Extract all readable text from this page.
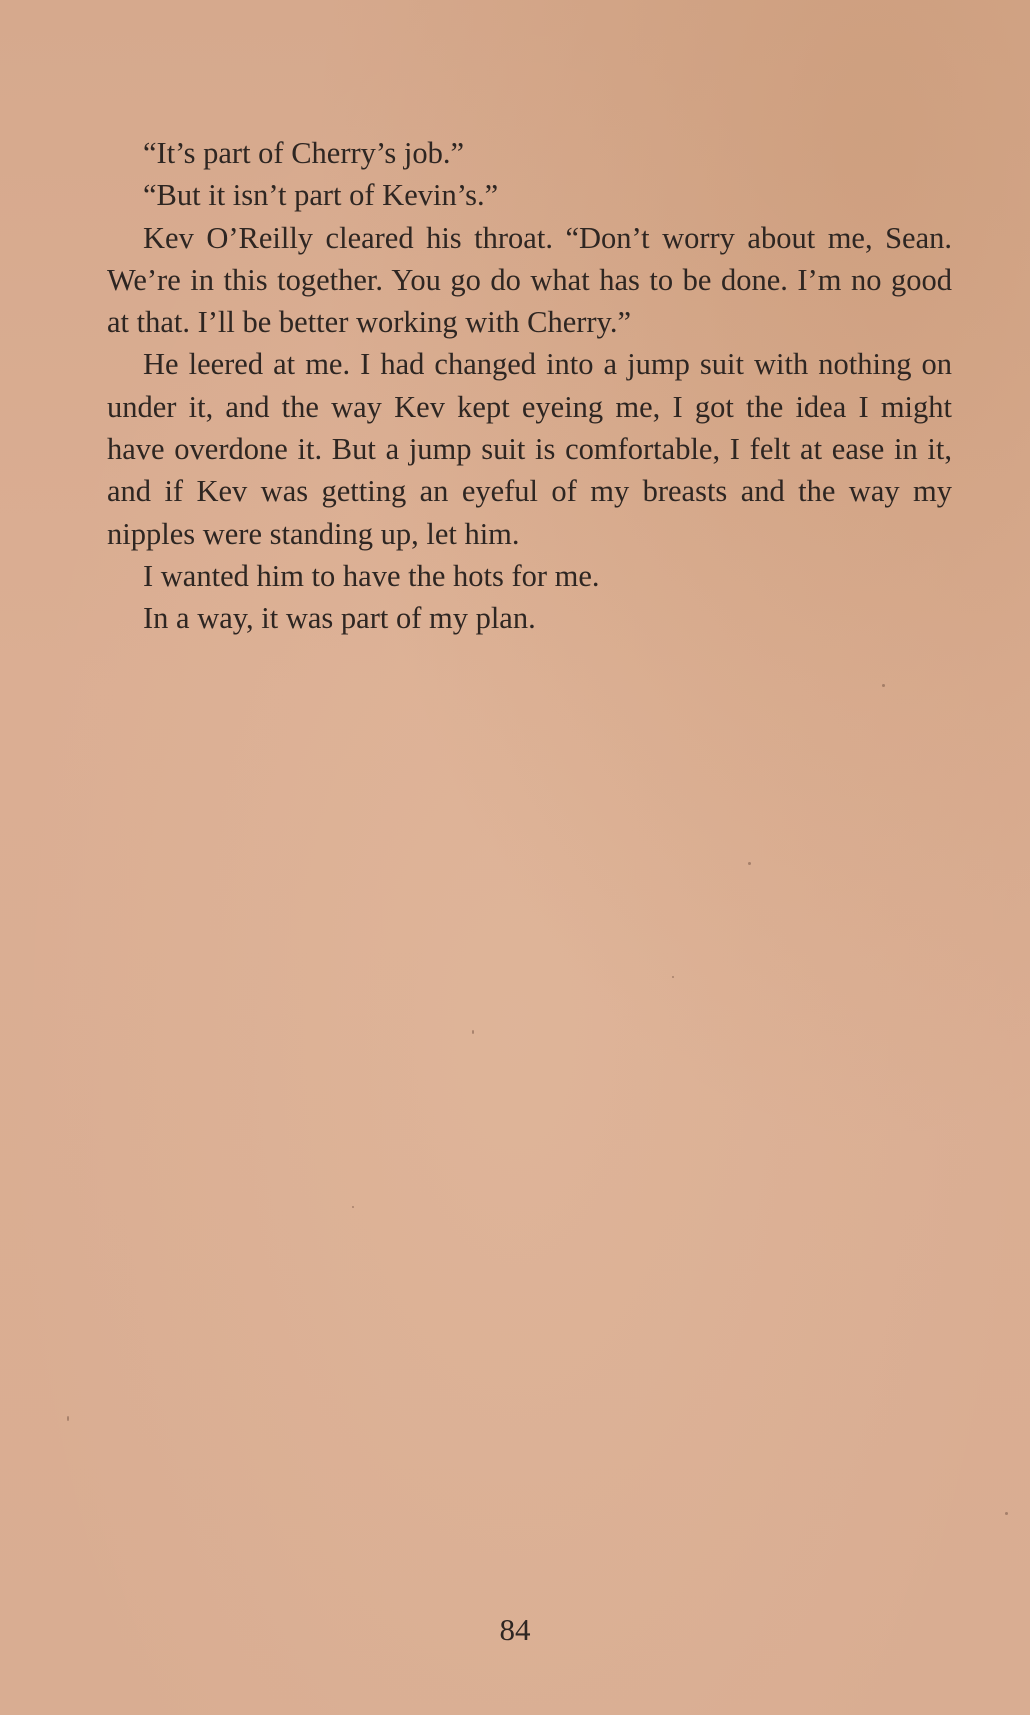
“It’s part of Cherry’s job.”

“But it isn’t part of Kevin’s.”

Kev O’Reilly cleared his throat. “Don’t worry about me, Sean. We’re in this together. You go do what has to be done. I’m no good at that. I’ll be better working with Cherry.”

He leered at me. I had changed into a jump suit with nothing on under it, and the way Kev kept eyeing me, I got the idea I might have overdone it. But a jump suit is comfortable, I felt at ease in it, and if Kev was getting an eyeful of my breasts and the way my nipples were standing up, let him.

I wanted him to have the hots for me.

In a way, it was part of my plan.

84
